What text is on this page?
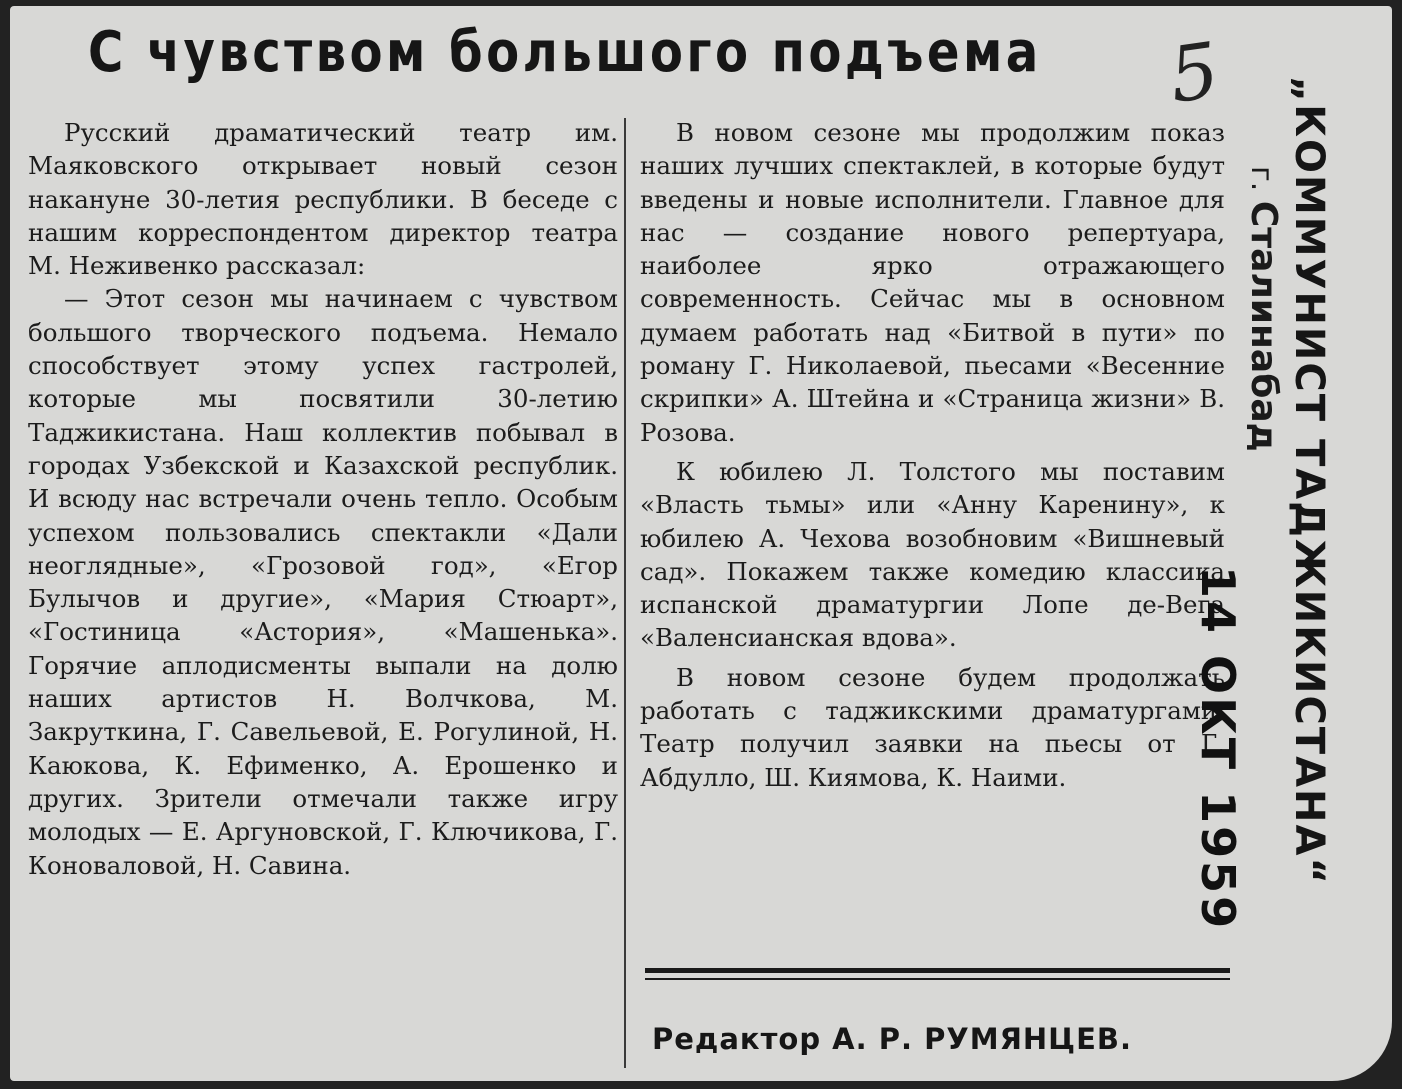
С чувством большого подъема 5

Русский драматический театр им. Маяковского открывает новый сезон накануне 30-летия республики. В беседе с нашим корреспондентом директор театра М. Неживенко рассказал:

— Этот сезон мы начинаем с чувством большого творческого подъема. Немало способствует этому успех гастролей, которые мы посвятили 30-летию Таджикистана. Наш коллектив побывал в городах Узбекской и Казахской республик. И всюду нас встречали очень тепло. Особым успехом пользовались спектакли «Дали неоглядные», «Грозовой год», «Егор Булычов и другие», «Мария Стюарт», «Гостиница «Астория», «Машенька». Горячие аплодисменты выпали на долю наших артистов Н. Волчкова, М. Закруткина, Г. Савельевой, Е. Рогулиной, Н. Каюкова, К. Ефименко, А. Ерошенко и других. Зрители отмечали также игру молодых — Е. Аргуновской, Г. Ключиковa, Г. Коноваловой, Н. Савина.

В новом сезоне мы продолжим показ наших лучших спектаклей, в которые будут введены и новые исполнители. Главное для нас — создание нового репертуара, наиболее ярко отражающего современность. Сейчас мы в основном думаем работать над «Битвой в пути» по роману Г. Николаевой, пьесами «Весенние скрипки» А. Штейна и «Страница жизни» В. Розова.

К юбилею Л. Толстого мы поставим «Власть тьмы» или «Анну Каренину», к юбилею А. Чехова возобновим «Вишневый сад». Покажем также комедию классика испанской драматургии Лопе де-Вега «Валенсианская вдова».

В новом сезоне будем продолжать работать с таджикскими драматургами. Театр получил заявки на пьесы от Г. Абдулло, Ш. Киямова, К. Наими.

Редактор А. Р. РУМЯНЦЕВ.
„КОММУНИСТ ТАДЖИКИСТАНА“
г. Сталинабад
14 ОКТ 1959
